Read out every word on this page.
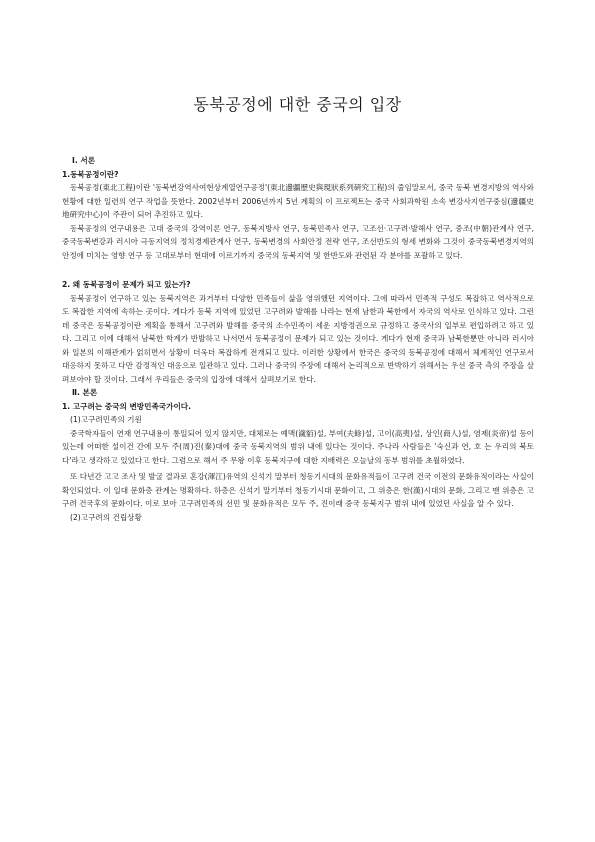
동북공정에 대한 중국의 입장
Ⅰ. 서론
1.동북공정이란?

동북공정(東北工程)이란 '동북변강역사여현상계열연구공정'(東北邊疆歷史與現狀系列硏究工程)의 줄임말로서, 중국 동북 변경지방의 역사와 현황에 대한 일련의 연구 작업을 뜻한다. 2002년부터 2006년까지 5년 계획의 이 프로젝트는 중국 사회과학원 소속 변강사지연구중심(邊疆史地硏究中心)이 주관이 되어 추진하고 있다.

동북공정의 연구내용은 고대 중국의 강역이론 연구, 동북지방사 연구, 동북민족사 연구, 고조선·고구려·발해사 연구, 중조(中朝)관계사 연구, 중국동북변강과 러시아 극동지역의 정치경제관계사 연구, 동북변경의 사회안정 전략 연구, 조선반도의 형세 변화와 그것이 중국동북변경지역의 안정에 미치는 영향 연구 등 고대로부터 현대에 이르기까지 중국의 동북지역 및 한반도와 관련된 각 분야를 포괄하고 있다.

2. 왜 동북공정이 문제가 되고 있는가?

동북공정이 연구하고 있는 동북지역은 과거부터 다양한 민족들이 삶을 영위했던 지역이다. 그에 따라서 민족적 구성도 복잡하고 역사적으로도 복잡한 지역에 속하는 곳이다. 게다가 동북 지역에 있었던 고구려와 발해를 나라는 현재 남한과 북한에서 자국의 역사로 인식하고 있다. 그런데 중국은 동북공정이란 계획을 통해서 고구려와 발해를 중국의 소수민족이 세운 지방정권으로 규정하고 중국사의 일부로 편입하려고 하고 있다. 그리고 이에 대해서 남북한 학계가 반발하고 나서면서 동북공정이 문제가 되고 있는 것이다. 게다가 현재 중국과 남북한뿐만 아니라 러시아와 일본의 이해관계가 얽히면서 상황이 더욱더 복잡하게 전개되고 있다. 이러한 상황에서 한국은 중국의 동북공정에 대해서 체계적인 연구로서 대응하지 못하고 다만 감정적인 대응으로 일관하고 있다. 그러나 중국의 주장에 대해서 논리적으로 반박하기 위해서는 우선 중국 측의 주장을 살펴보아야 할 것이다. 그래서 우리들은 중국의 입장에 대해서 살펴보기로 한다.

Ⅱ. 본론
1. 고구려는 중국의 변방민족국가이다.
(1)고구려민족의 기원

중국학자들이 연재 연구내용이 통일되어 있지 않지만, 대체로는 예맥(濊貊)설, 부여(夫餘)설, 고이(高夷)설, 상인(商人)설, 염제(炎帝)설 등이 있는데 어떠한 설이건 간에 모두 주(周)진(秦)대에 중국 동북지역의 범위 내에 있다는 것이다. 주나라 사람들은 '숙신과 연, 호 는 우리의 북토다'라고 생각하고 있었다고 한다. 그럼으로 해서 주 무왕 이후 동북지구에 대한 지배력은 오늘날의 동부 범위를 초월하였다.

또 다년간 고고 조사 및 발굴 결과로 혼강(渾江)유역의 신석기 말부터 청동기시대의 문화유적들이 고구려 건국 이전의 문화유적이라는 사실이 확인되었다. 이 일대 문화층 관계는 명확하다. 하층은 신석기 말기부터 청동기시대 문화이고, 그 위층은 한(漢)시대의 문화, 그리고 맨 위층은 고구려 건국후의 문화이다. 이로 보아 고구려민족의 선민 및 문화유적은 모두 주, 진이래 중국 동북지구 범위 내에 있었던 사실을 알 수 있다.

(2)고구려의 건립상황
